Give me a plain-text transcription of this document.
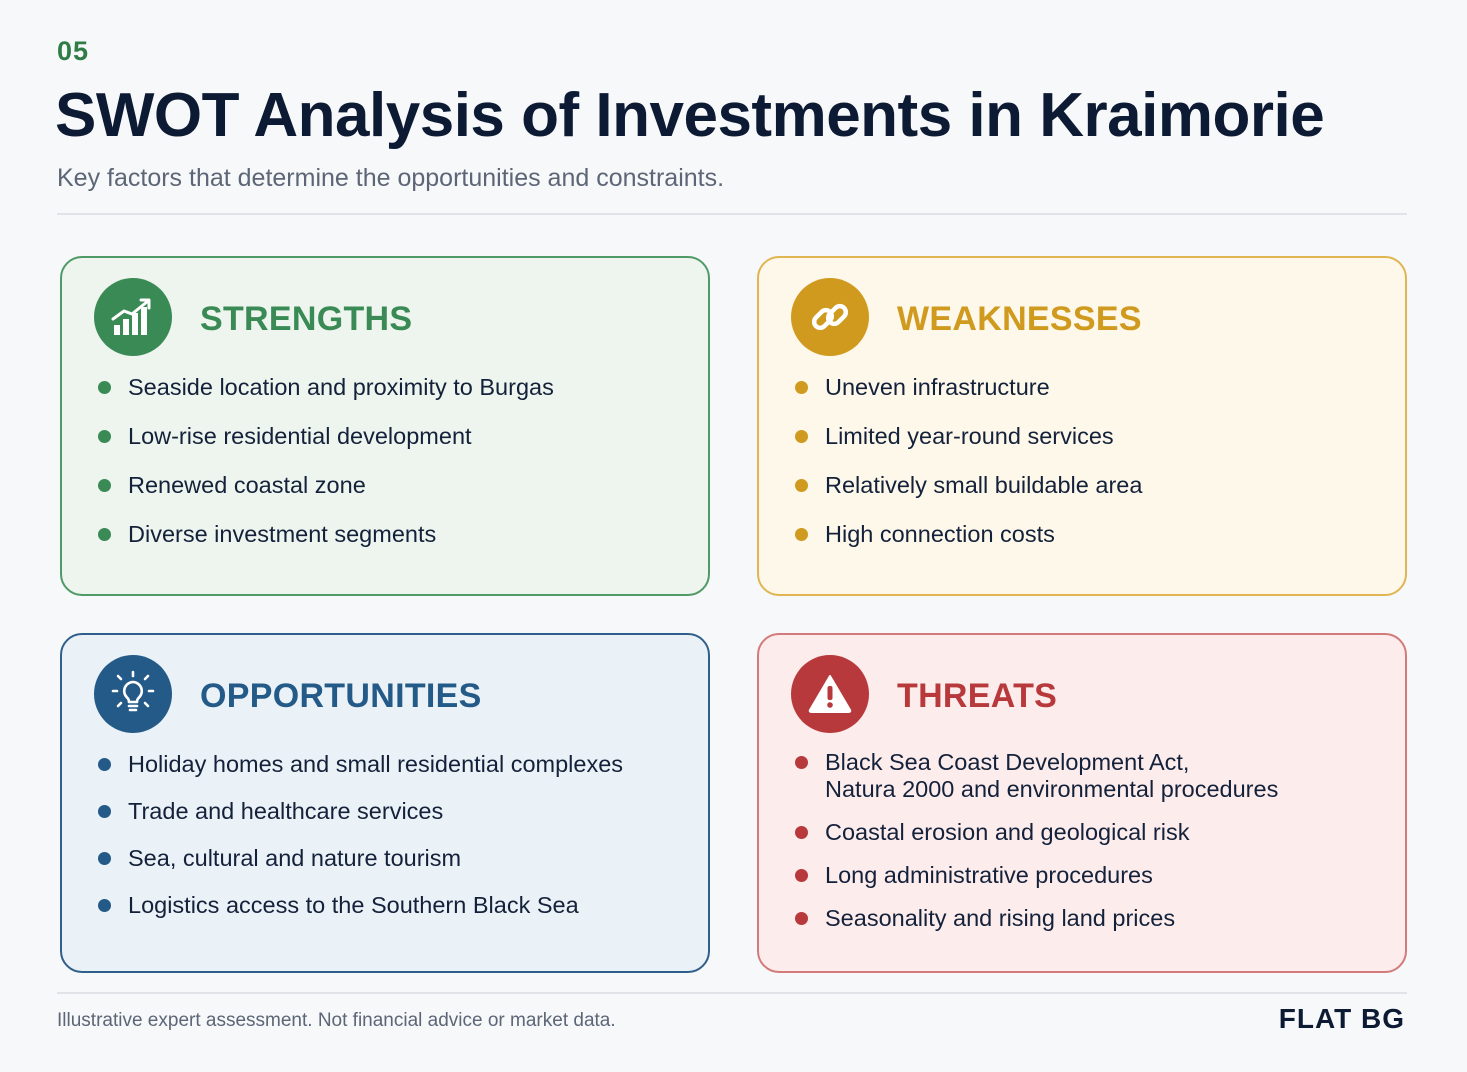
05
SWOT Analysis of Investments in Kraimorie
Key factors that determine the opportunities and constraints.
STRENGTHS
Seaside location and proximity to Burgas
Low-rise residential development
Renewed coastal zone
Diverse investment segments
WEAKNESSES
Uneven infrastructure
Limited year-round services
Relatively small buildable area
High connection costs
OPPORTUNITIES
Holiday homes and small residential complexes
Trade and healthcare services
Sea, cultural and nature tourism
Logistics access to the Southern Black Sea
THREATS
Black Sea Coast Development Act,
Natura 2000 and environmental procedures
Coastal erosion and geological risk
Long administrative procedures
Seasonality and rising land prices
Illustrative expert assessment. Not financial advice or market data.	FLAT BG
